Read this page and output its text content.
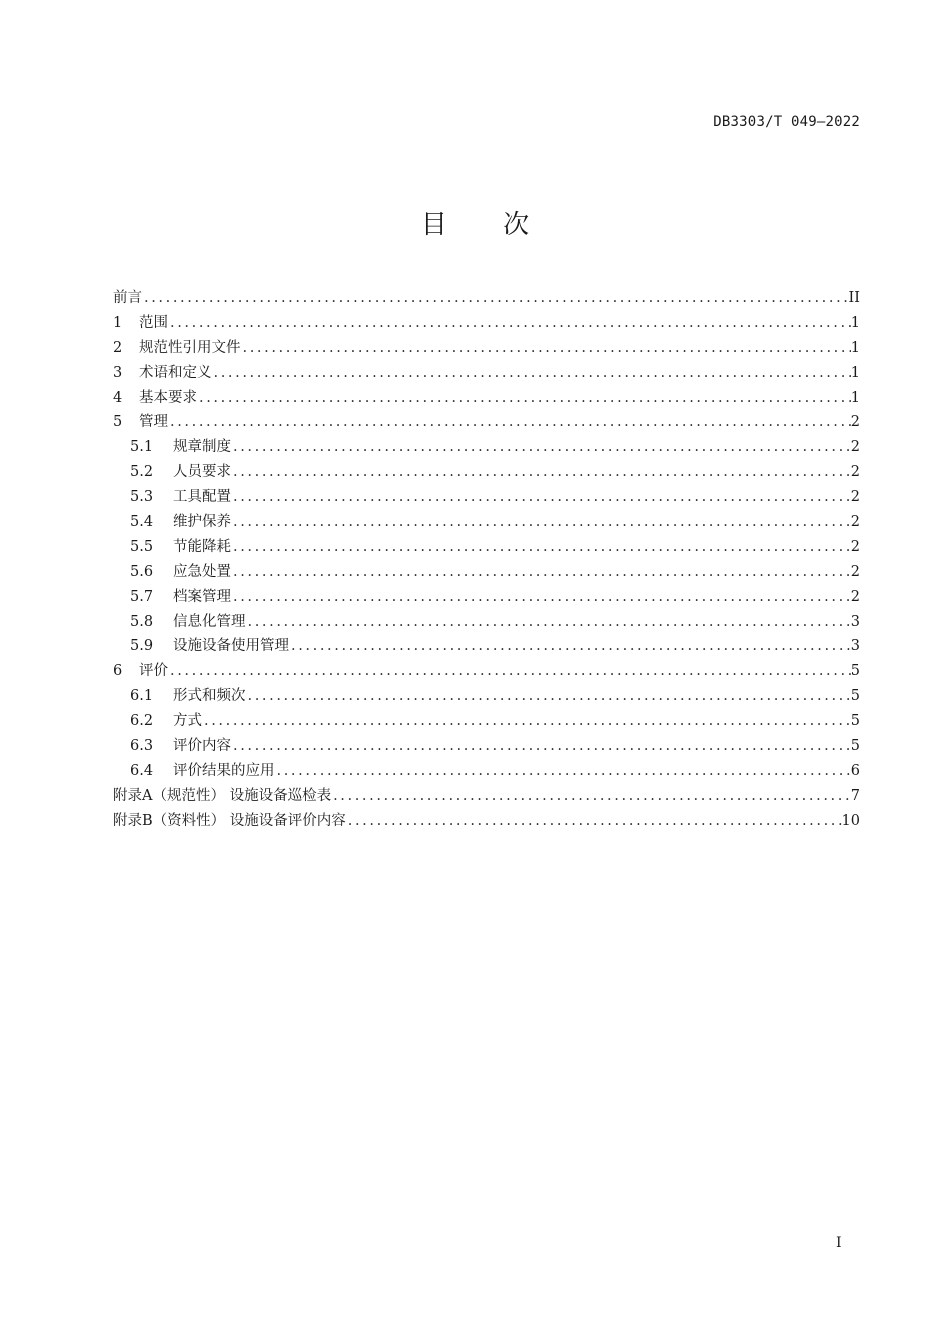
DB3303/T 049—2022
目 次
前言 .....	II
1	范围 .....	1
2	规范性引用文件 .....	1
3	术语和定义 .....	1
4	基本要求 .....	1
5	管理 .....	2
5.1	规章制度 .....	2
5.2	人员要求 .....	2
5.3	工具配置 .....	2
5.4	维护保养 .....	2
5.5	节能降耗 .....	2
5.6	应急处置 .....	2
5.7	档案管理 .....	2
5.8	信息化管理 .....	3
5.9	设施设备使用管理 .....	3
6	评价 .....	5
6.1	形式和频次 .....	5
6.2	方式 .....	5
6.3	评价内容 .....	5
6.4	评价结果的应用 .....	6
附录A（规范性） 设施设备巡检表 .....	7
附录B（资料性） 设施设备评价内容 .....	10
I
